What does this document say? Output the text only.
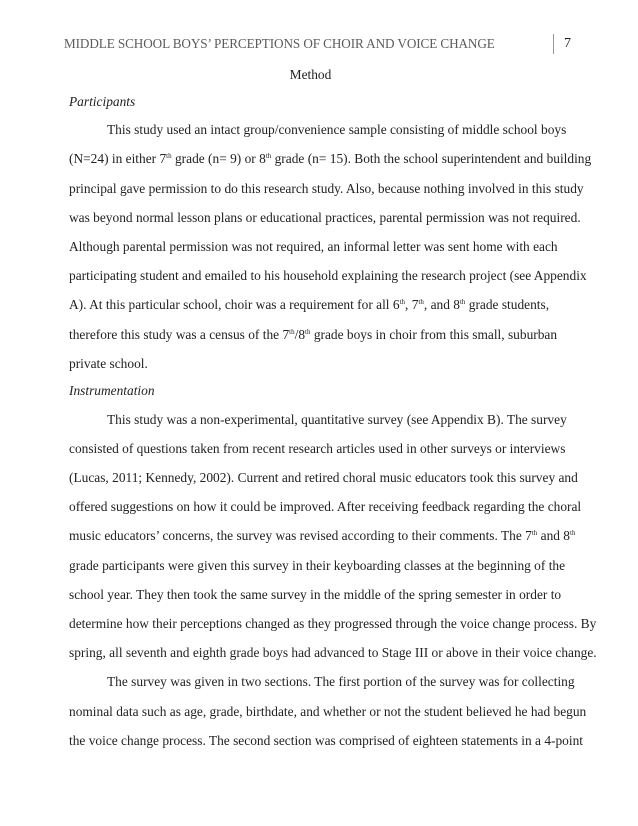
MIDDLE SCHOOL BOYS’ PERCEPTIONS OF CHOIR AND VOICE CHANGE	7
Method
Participants
This study used an intact group/convenience sample consisting of middle school boys
(N=24) in either 7th grade (n= 9) or 8th grade (n= 15). Both the school superintendent and building
principal gave permission to do this research study. Also, because nothing involved in this study
was beyond normal lesson plans or educational practices, parental permission was not required.
Although parental permission was not required, an informal letter was sent home with each
participating student and emailed to his household explaining the research project (see Appendix
A). At this particular school, choir was a requirement for all 6th, 7th, and 8th grade students,
therefore this study was a census of the 7th/8th grade boys in choir from this small, suburban
private school.
Instrumentation
This study was a non-experimental, quantitative survey (see Appendix B). The survey
consisted of questions taken from recent research articles used in other surveys or interviews
(Lucas, 2011; Kennedy, 2002). Current and retired choral music educators took this survey and
offered suggestions on how it could be improved. After receiving feedback regarding the choral
music educators’ concerns, the survey was revised according to their comments. The 7th and 8th
grade participants were given this survey in their keyboarding classes at the beginning of the
school year. They then took the same survey in the middle of the spring semester in order to
determine how their perceptions changed as they progressed through the voice change process. By
spring, all seventh and eighth grade boys had advanced to Stage III or above in their voice change.
The survey was given in two sections. The first portion of the survey was for collecting
nominal data such as age, grade, birthdate, and whether or not the student believed he had begun
the voice change process. The second section was comprised of eighteen statements in a 4-point
